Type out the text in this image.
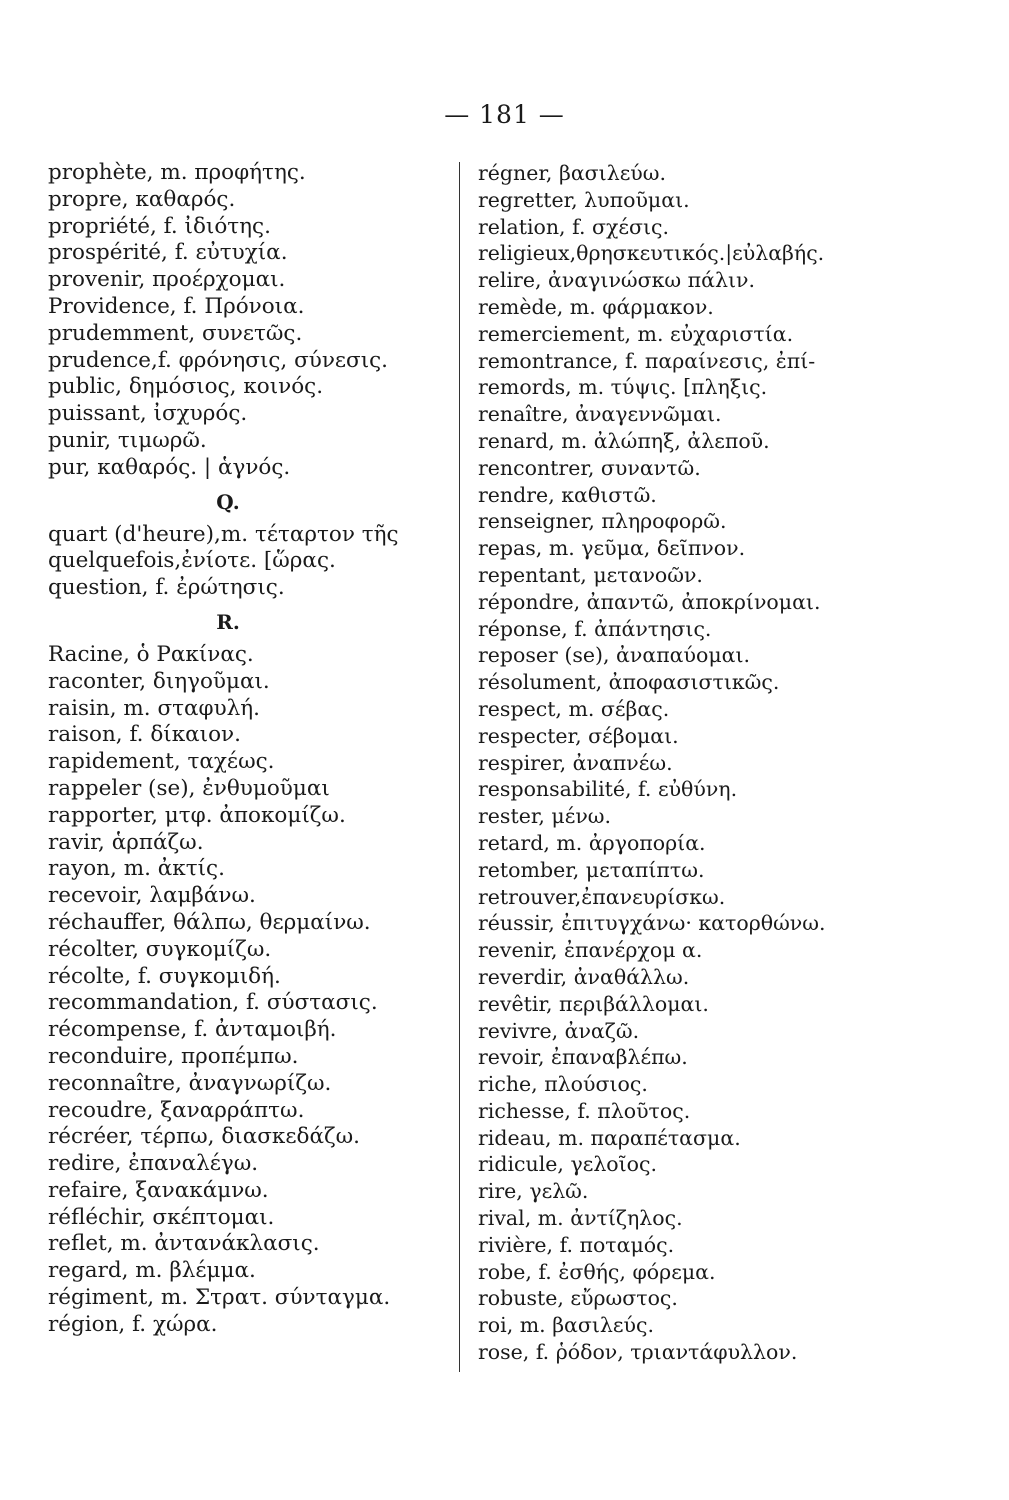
— 181 —
prophète, m. προφήτης.
propre, καθαρός.
propriété, f. ἰδιότης.
prospérité, f. εὐτυχία.
provenir, προέρχομαι.
Providence, f. Πρόνοια.
prudemment, συνετῶς.
prudence,f. φρόνησις, σύνεσις.
public, δημόσιος, κοινός.
puissant, ἰσχυρός.
punir, τιμωρῶ.
pur, καθαρός. | ἁγνός.
Q.
quart (d'heure),m. τέταρτον τῆς
quelquefois,ἐνίοτε. [ὥρας.
question, f. ἐρώτησις.
R.
Racine, ὁ Ρακίνας.
raconter, διηγοῦμαι.
raisin, m. σταφυλή.
raison, f. δίκαιον.
rapidement, ταχέως.
rappeler (se), ἐνθυμοῦμαι
rapporter, μτφ. ἀποκομίζω.
ravir, ἁρπάζω.
rayon, m. ἀκτίς.
recevoir, λαμβάνω.
réchauffer, θάλπω, θερμαίνω.
récolter, συγκομίζω.
récolte, f. συγκομιδή.
recommandation, f. σύστασις.
récompense, f. ἀνταμοιβή.
reconduire, προπέμπω.
reconnaître, ἀναγνωρίζω.
recoudre, ξαναρράπτω.
récréer, τέρπω, διασκεδάζω.
redire, ἐπαναλέγω.
refaire, ξανακάμνω.
réfléchir, σκέπτομαι.
reflet, m. ἀντανάκλασις.
regard, m. βλέμμα.
régiment, m. Στρατ. σύνταγμα.
région, f. χώρα.
régner, βασιλεύω.
regretter, λυποῦμαι.
relation, f. σχέσις.
religieux,θρησκευτικός.|εὐλαβής.
relire, ἀναγινώσκω πάλιν.
remède, m. φάρμακον.
remerciement, m. εὐχαριστία.
remontrance, f. παραίνεσις, ἐπί-
remords, m. τύψις. [πληξις.
renaître, ἀναγεννῶμαι.
renard, m. ἀλώπηξ, ἀλεποῦ.
rencontrer, συναντῶ.
rendre, καθιστῶ.
renseigner, πληροφορῶ.
repas, m. γεῦμα, δεῖπνον.
repentant, μετανοῶν.
répondre, ἀπαντῶ, ἀποκρίνομαι.
réponse, f. ἀπάντησις.
reposer (se), ἀναπαύομαι.
résolument, ἀποφασιστικῶς.
respect, m. σέβας.
respecter, σέβομαι.
respirer, ἀναπνέω.
responsabilité, f. εὐθύνη.
rester, μένω.
retard, m. ἀργοπορία.
retomber, μεταπίπτω.
retrouver,ἐπανευρίσκω.
réussir, ἐπιτυγχάνω· κατορθώνω.
revenir, ἐπανέρχομ α.
reverdir, ἀναθάλλω.
revêtir, περιβάλλομαι.
revivre, ἀναζῶ.
revoir, ἐπαναβλέπω.
riche, πλούσιος.
richesse, f. πλοῦτος.
rideau, m. παραπέτασμα.
ridicule, γελοῖος.
rire, γελῶ.
rival, m. ἀντίζηλος.
rivière, f. ποταμός.
robe, f. ἐσθής, φόρεμα.
robuste, εὔρωστος.
roi, m. βασιλεύς.
rose, f. ῥόδον, τριαντάφυλλον.
